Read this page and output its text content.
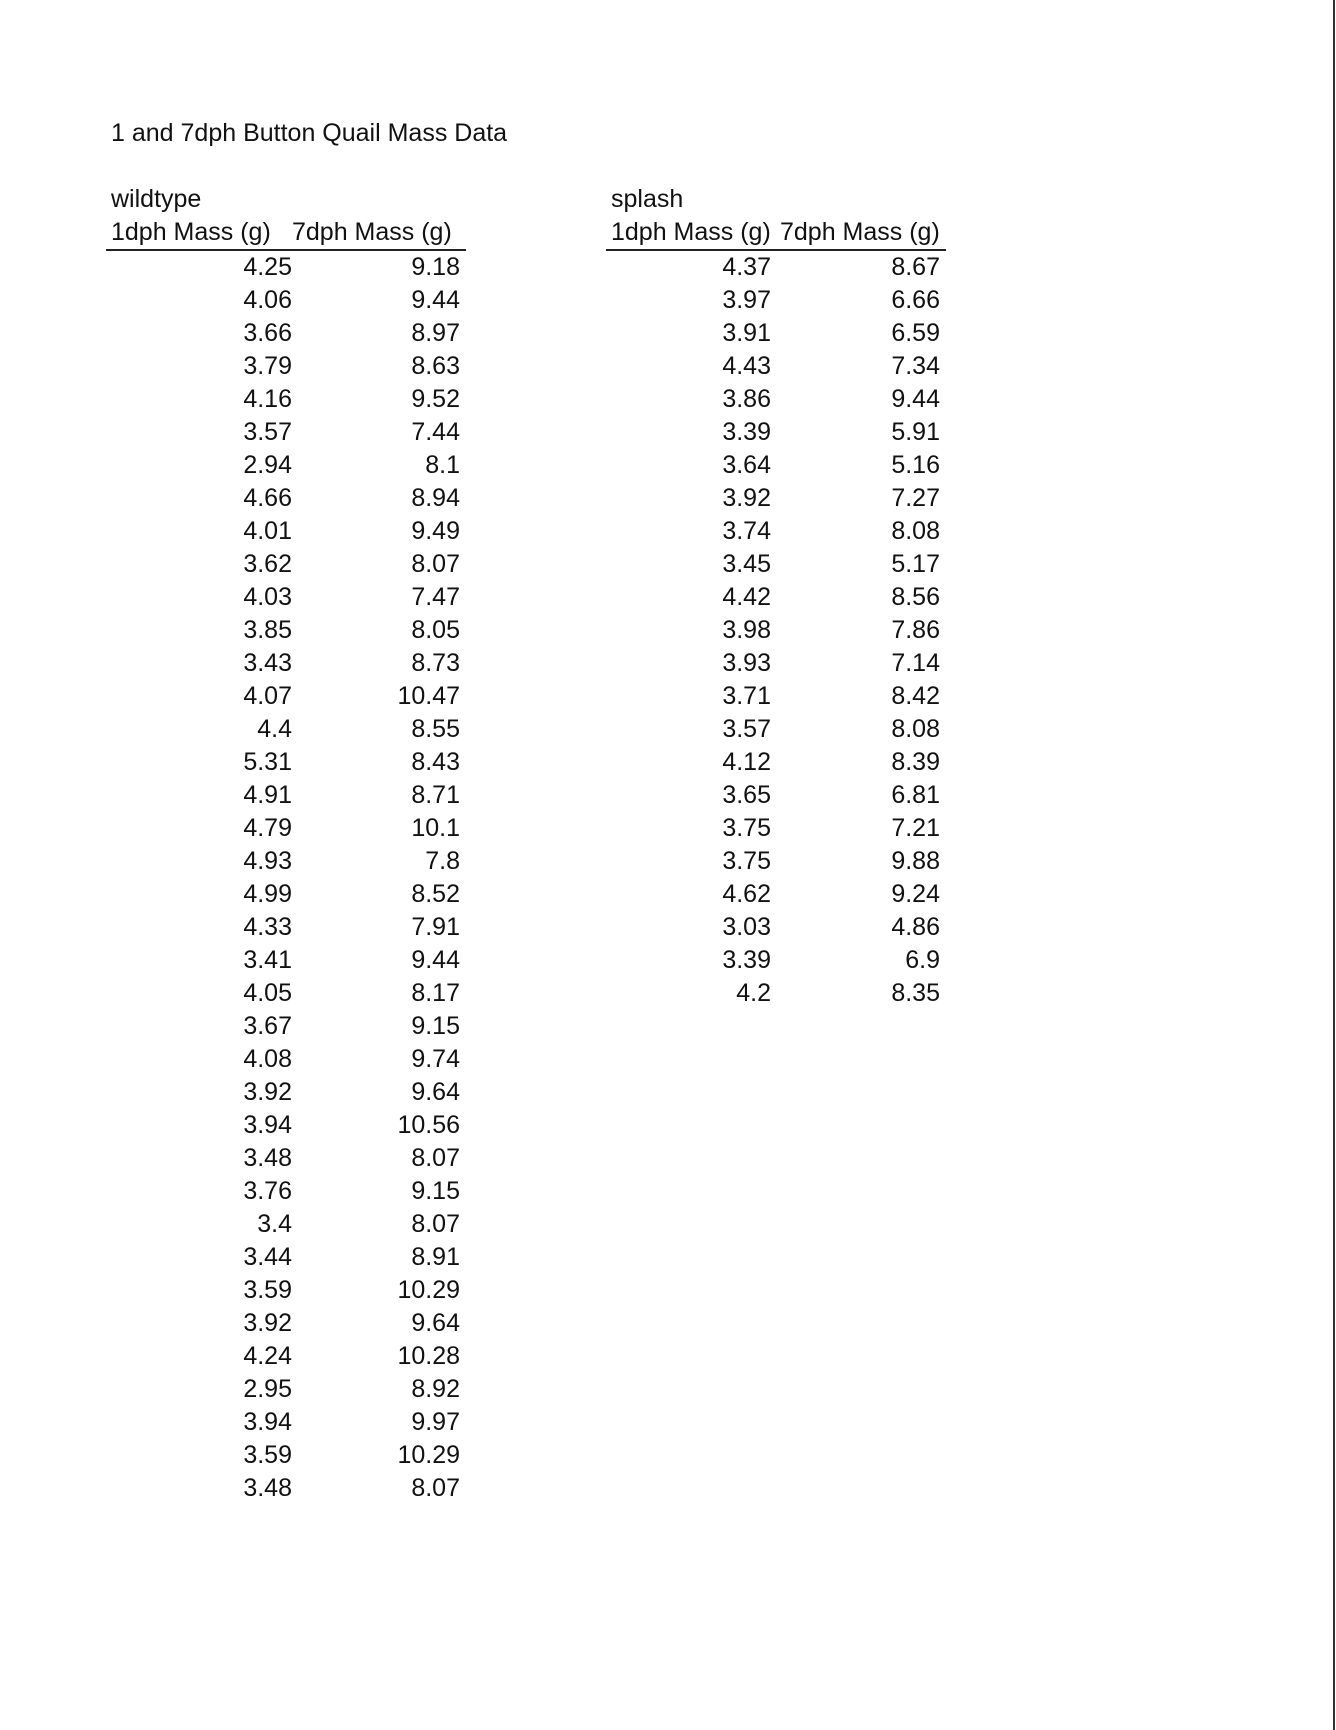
1 and 7dph Button Quail Mass Data
wildtype
1dph Mass (g) 7dph Mass (g)
4.25	9.18
4.06	9.44
3.66	8.97
3.79	8.63
4.16	9.52
3.57	7.44
2.94	8.1
4.66	8.94
4.01	9.49
3.62	8.07
4.03	7.47
3.85	8.05
3.43	8.73
4.07	10.47
4.4	8.55
5.31	8.43
4.91	8.71
4.79	10.1
4.93	7.8
4.99	8.52
4.33	7.91
3.41	9.44
4.05	8.17
3.67	9.15
4.08	9.74
3.92	9.64
3.94	10.56
3.48	8.07
3.76	9.15
3.4	8.07
3.44	8.91
3.59	10.29
3.92	9.64
4.24	10.28
2.95	8.92
3.94	9.97
3.59	10.29
3.48	8.07
splash
1dph Mass (g) 7dph Mass (g)
4.37	8.67
3.97	6.66
3.91	6.59
4.43	7.34
3.86	9.44
3.39	5.91
3.64	5.16
3.92	7.27
3.74	8.08
3.45	5.17
4.42	8.56
3.98	7.86
3.93	7.14
3.71	8.42
3.57	8.08
4.12	8.39
3.65	6.81
3.75	7.21
3.75	9.88
4.62	9.24
3.03	4.86
3.39	6.9
4.2	8.35
